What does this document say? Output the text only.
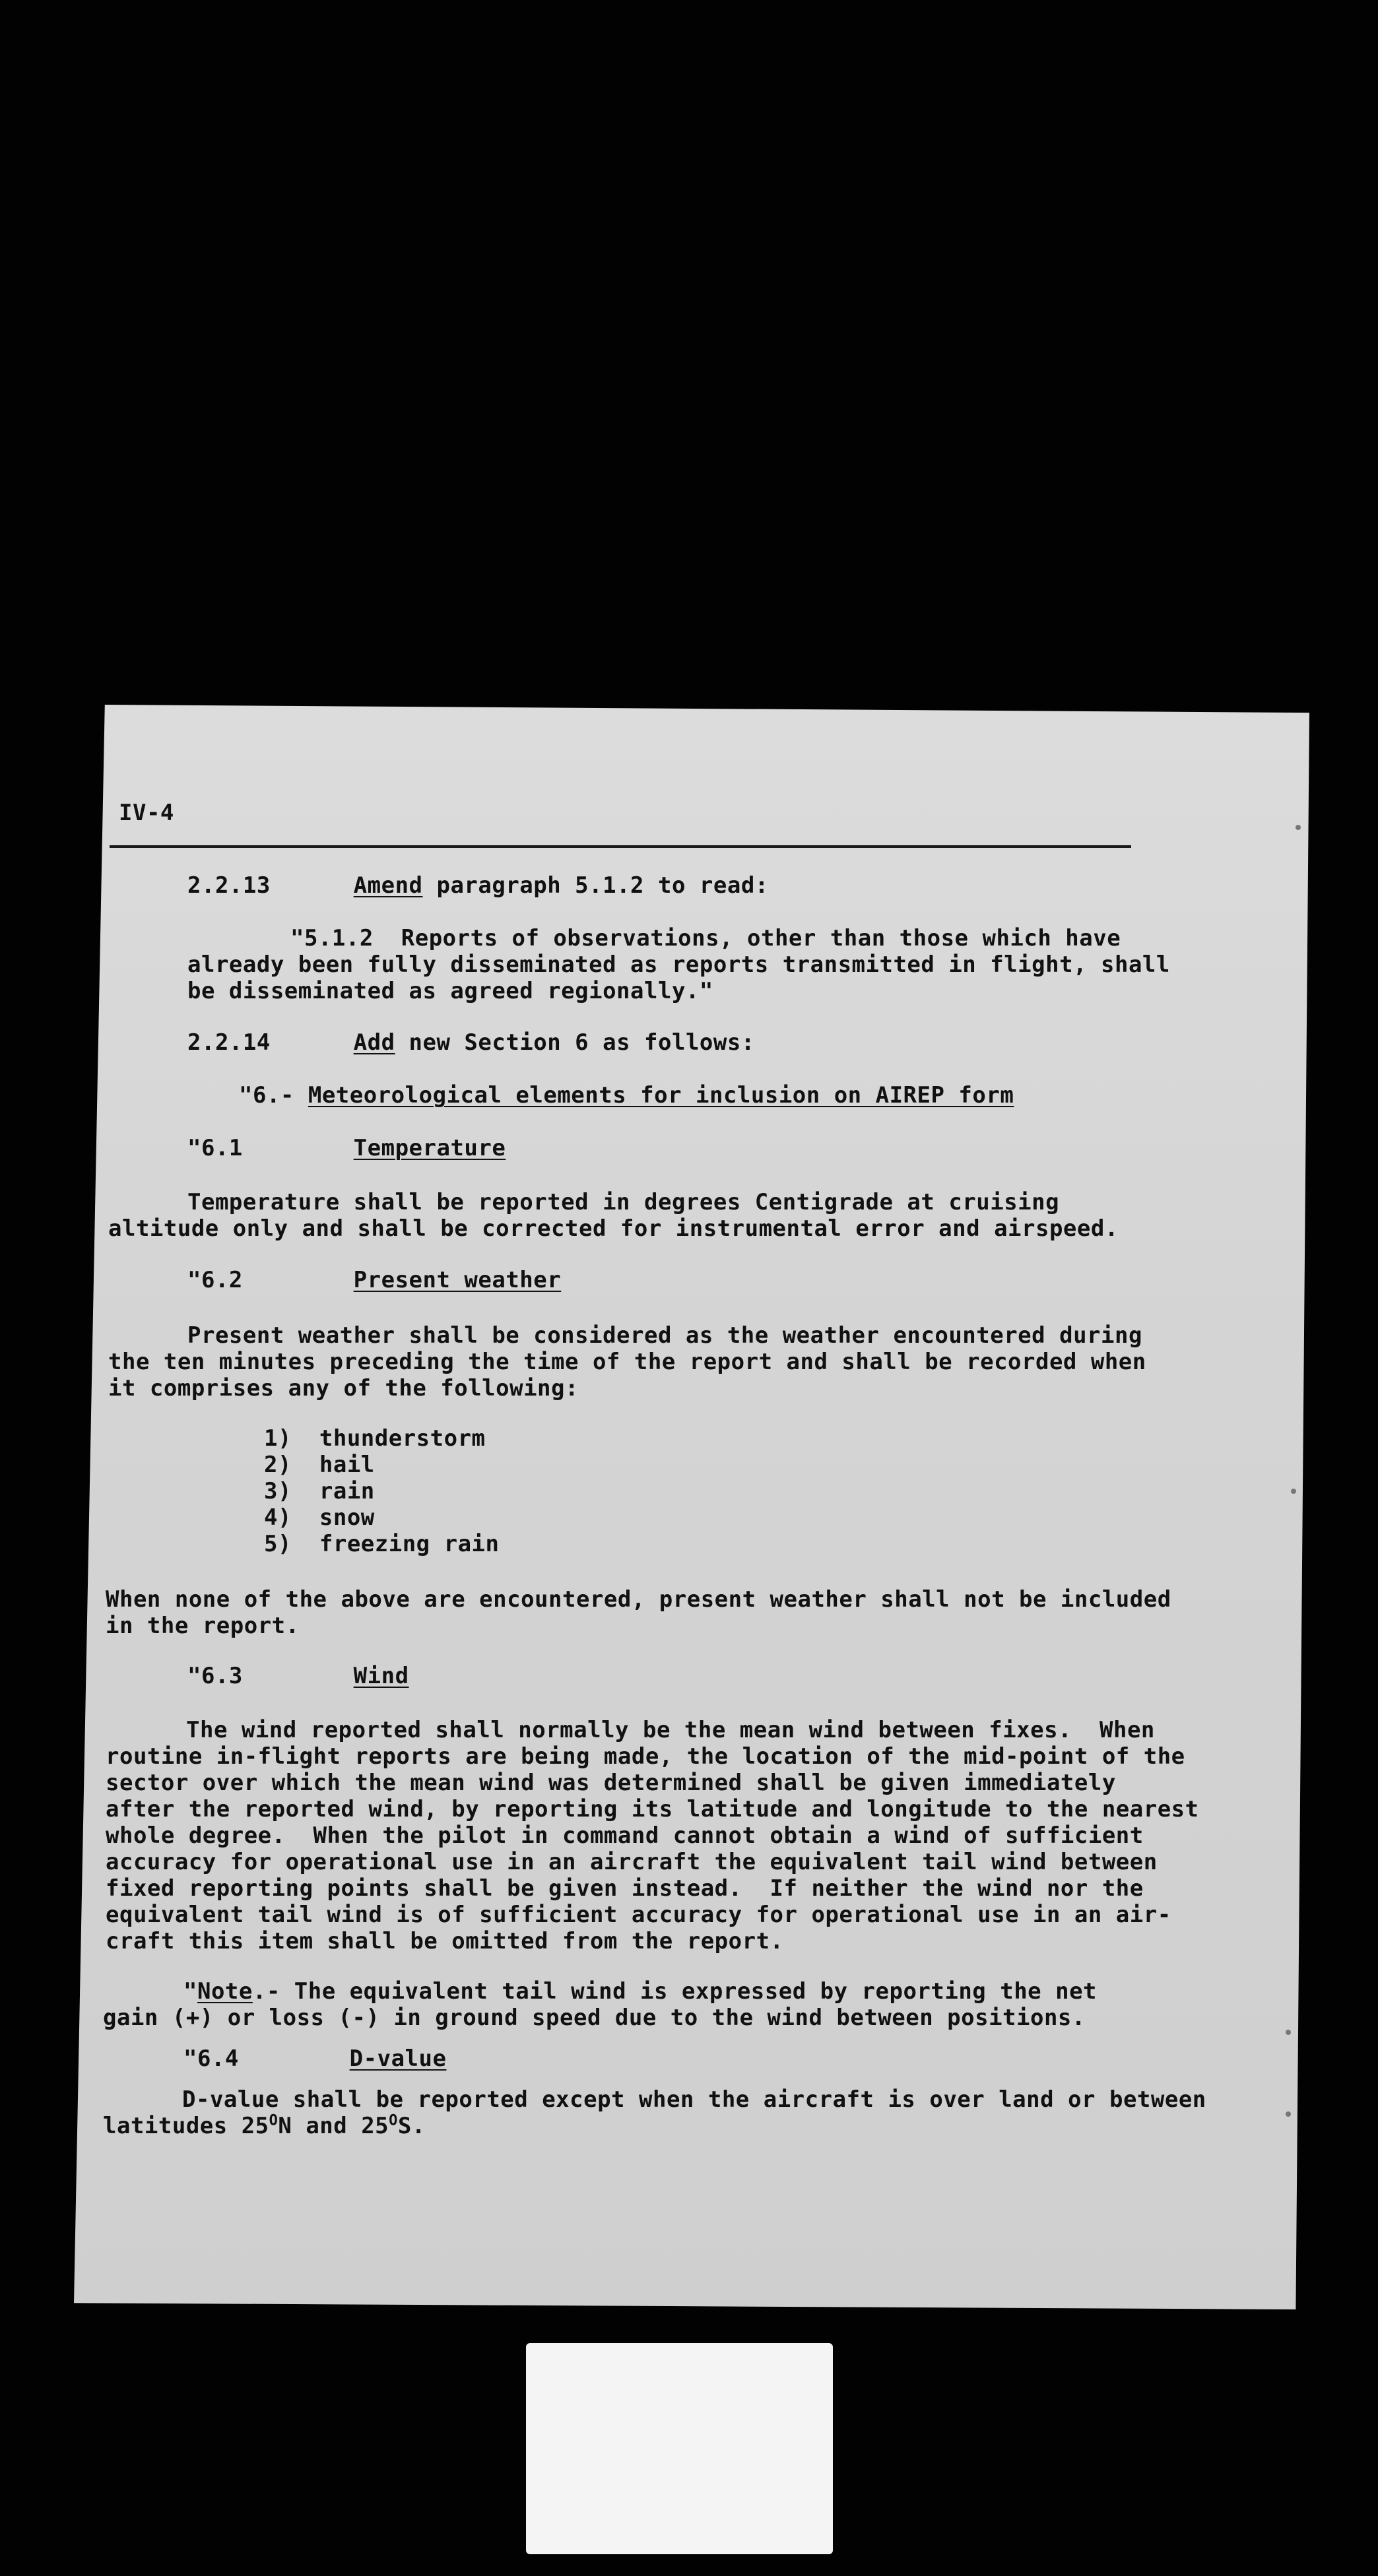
IV-4
2.2.13	Amend paragraph 5.1.2 to read:
"5.1.2  Reports of observations, other than those which have
already been fully disseminated as reports transmitted in flight, shall
be disseminated as agreed regionally."
2.2.14	Add new Section 6 as follows:
"6.- Meteorological elements for inclusion on AIREP form
"6.1	Temperature
Temperature shall be reported in degrees Centigrade at cruising
altitude only and shall be corrected for instrumental error and airspeed.
"6.2	Present weather
Present weather shall be considered as the weather encountered during
the ten minutes preceding the time of the report and shall be recorded when
it comprises any of the following:
1)  thunderstorm
2)  hail
3)  rain
4)  snow
5)  freezing rain
When none of the above are encountered, present weather shall not be included
in the report.
"6.3	Wind
The wind reported shall normally be the mean wind between fixes.  When
routine in-flight reports are being made, the location of the mid-point of the
sector over which the mean wind was determined shall be given immediately
after the reported wind, by reporting its latitude and longitude to the nearest
whole degree.  When the pilot in command cannot obtain a wind of sufficient
accuracy for operational use in an aircraft the equivalent tail wind between
fixed reporting points shall be given instead.  If neither the wind nor the
equivalent tail wind is of sufficient accuracy for operational use in an air-
craft this item shall be omitted from the report.
"Note.- The equivalent tail wind is expressed by reporting the net
gain (+) or loss (-) in ground speed due to the wind between positions.
"6.4	D-value
D-value shall be reported except when the aircraft is over land or between
latitudes $25^ON$ and $25^OS$.
